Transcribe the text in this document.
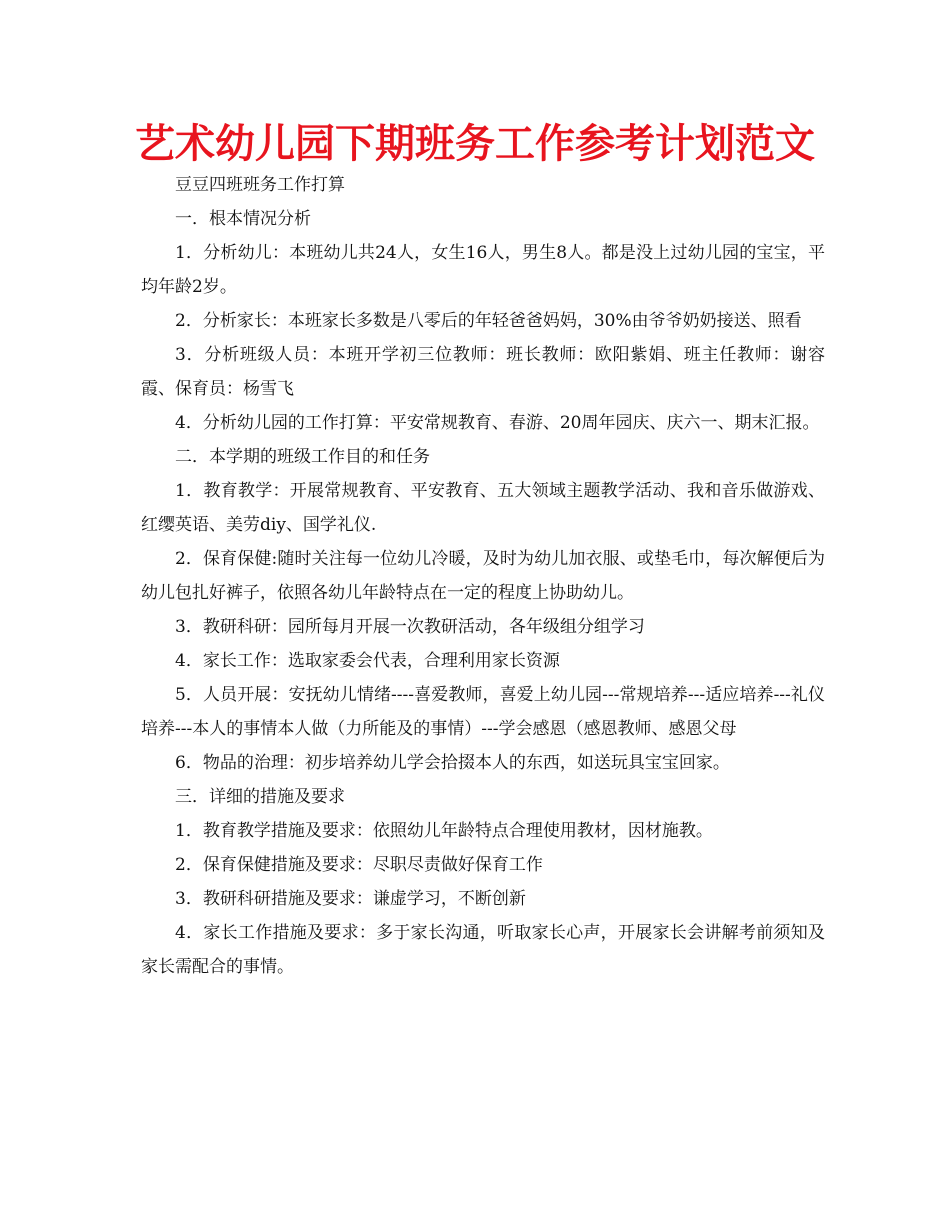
艺术幼儿园下期班务工作参考计划范文

豆豆四班班务工作打算

一．根本情况分析

1．分析幼儿：本班幼儿共24人，女生16人，男生8人。都是没上过幼儿园的宝宝，平均年龄2岁。

2．分析家长：本班家长多数是八零后的年轻爸爸妈妈，30%由爷爷奶奶接送、照看

3．分析班级人员：本班开学初三位教师：班长教师：欧阳紫娟、班主任教师：谢容霞、保育员：杨雪飞

4．分析幼儿园的工作打算：平安常规教育、春游、20周年园庆、庆六一、期末汇报。

二．本学期的班级工作目的和任务

1．教育教学：开展常规教育、平安教育、五大领域主题教学活动、我和音乐做游戏、红缨英语、美劳diy、国学礼仪.

2．保育保健:随时关注每一位幼儿冷暖，及时为幼儿加衣服、或垫毛巾，每次解便后为幼儿包扎好裤子，依照各幼儿年龄特点在一定的程度上协助幼儿。

3．教研科研：园所每月开展一次教研活动，各年级组分组学习

4．家长工作：选取家委会代表，合理利用家长资源

5．人员开展：安抚幼儿情绪----喜爱教师，喜爱上幼儿园---常规培养---适应培养---礼仪培养---本人的事情本人做（力所能及的事情）---学会感恩（感恩教师、感恩父母

6．物品的治理：初步培养幼儿学会拾掇本人的东西，如送玩具宝宝回家。

三．详细的措施及要求

1．教育教学措施及要求：依照幼儿年龄特点合理使用教材，因材施教。

2．保育保健措施及要求：尽职尽责做好保育工作

3．教研科研措施及要求：谦虚学习，不断创新

4．家长工作措施及要求：多于家长沟通，听取家长心声，开展家长会讲解考前须知及家长需配合的事情。
